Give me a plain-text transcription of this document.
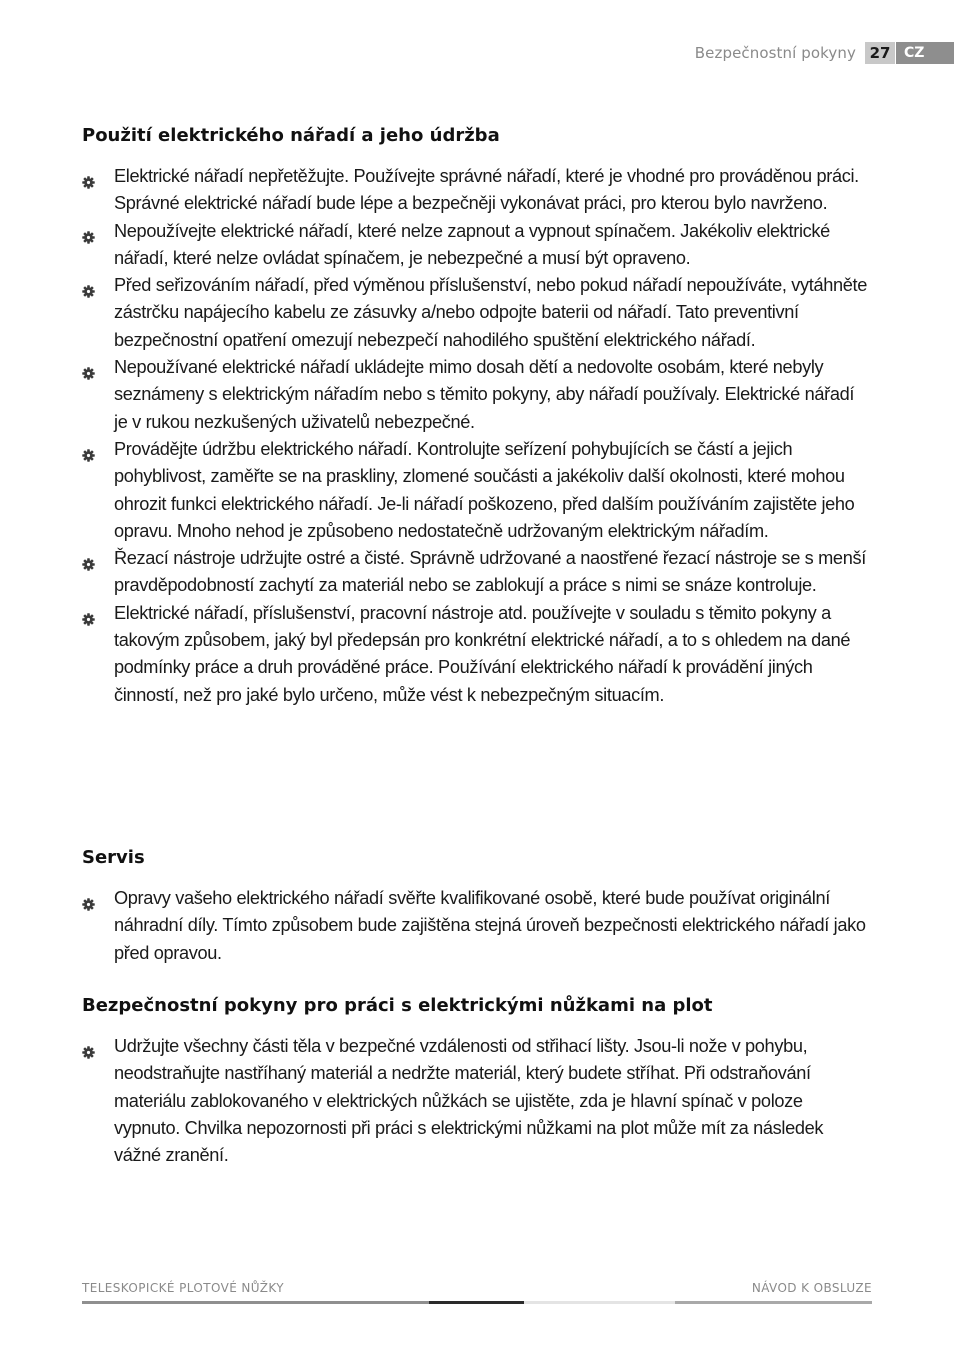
Bezpečnostní pokyny 27 CZ
Použití elektrického nářadí a jeho údržba
Elektrické nářadí nepřetěžujte. Používejte správné nářadí, které je vhodné pro prováděnou práci. Správné elektrické nářadí bude lépe a bezpečněji vykonávat práci, pro kterou bylo navrženo.
Nepoužívejte elektrické nářadí, které nelze zapnout a vypnout spínačem. Jakékoliv elektrické nářadí, které nelze ovládat spínačem, je nebezpečné a musí být opraveno.
Před seřizováním nářadí, před výměnou příslušenství, nebo pokud nářadí nepoužíváte, vytáhněte zástrčku napájecího kabelu ze zásuvky a/nebo odpojte baterii od nářadí. Tato preventivní bezpečnostní opatření omezují nebezpečí nahodilého spuštění elektrického nářadí.
Nepoužívané elektrické nářadí ukládejte mimo dosah dětí a nedovolte osobám, které nebyly seznámeny s elektrickým nářadím nebo s těmito pokyny, aby nářadí používaly. Elektrické nářadí je v rukou nezkušených uživatelů nebezpečné.
Provádějte údržbu elektrického nářadí. Kontrolujte seřízení pohybujících se částí a jejich pohyblivost, zaměřte se na praskliny, zlomené součásti a jakékoliv další okolnosti, které mohou ohrozit funkci elektrického nářadí. Je-li nářadí poškozeno, před dalším používáním zajistěte jeho opravu. Mnoho nehod je způsobeno nedostatečně udržovaným elektrickým nářadím.
Řezací nástroje udržujte ostré a čisté. Správně udržované a naostřené řezací nástroje se s menší pravděpodobností zachytí za materiál nebo se zablokují a práce s nimi se snáze kontroluje.
Elektrické nářadí, příslušenství, pracovní nástroje atd. používejte v souladu s těmito pokyny a takovým způsobem, jaký byl předepsán pro konkrétní elektrické nářadí, a to s ohledem na dané podmínky práce a druh prováděné práce. Používání elektrického nářadí k provádění jiných činností, než pro jaké bylo určeno, může vést k nebezpečným situacím.
Servis
Opravy vašeho elektrického nářadí svěřte kvalifikované osobě, které bude používat originální náhradní díly. Tímto způsobem bude zajištěna stejná úroveň bezpečnosti elektrického nářadí jako před opravou.
Bezpečnostní pokyny pro práci s elektrickými nůžkami na plot
Udržujte všechny části těla v bezpečné vzdálenosti od střihací lišty. Jsou-li nože v pohybu, neodstraňujte nastříhaný materiál a nedržte materiál, který budete stříhat. Při odstraňování materiálu zablokovaného v elektrických nůžkách se ujistěte, zda je hlavní spínač v poloze vypnuto. Chvilka nepozornosti při práci s elektrickými nůžkami na plot může mít za následek vážné zranění.
TELESKOPICKÉ PLOTOVÉ NŮŽKY	NÁVOD K OBSLUZE
